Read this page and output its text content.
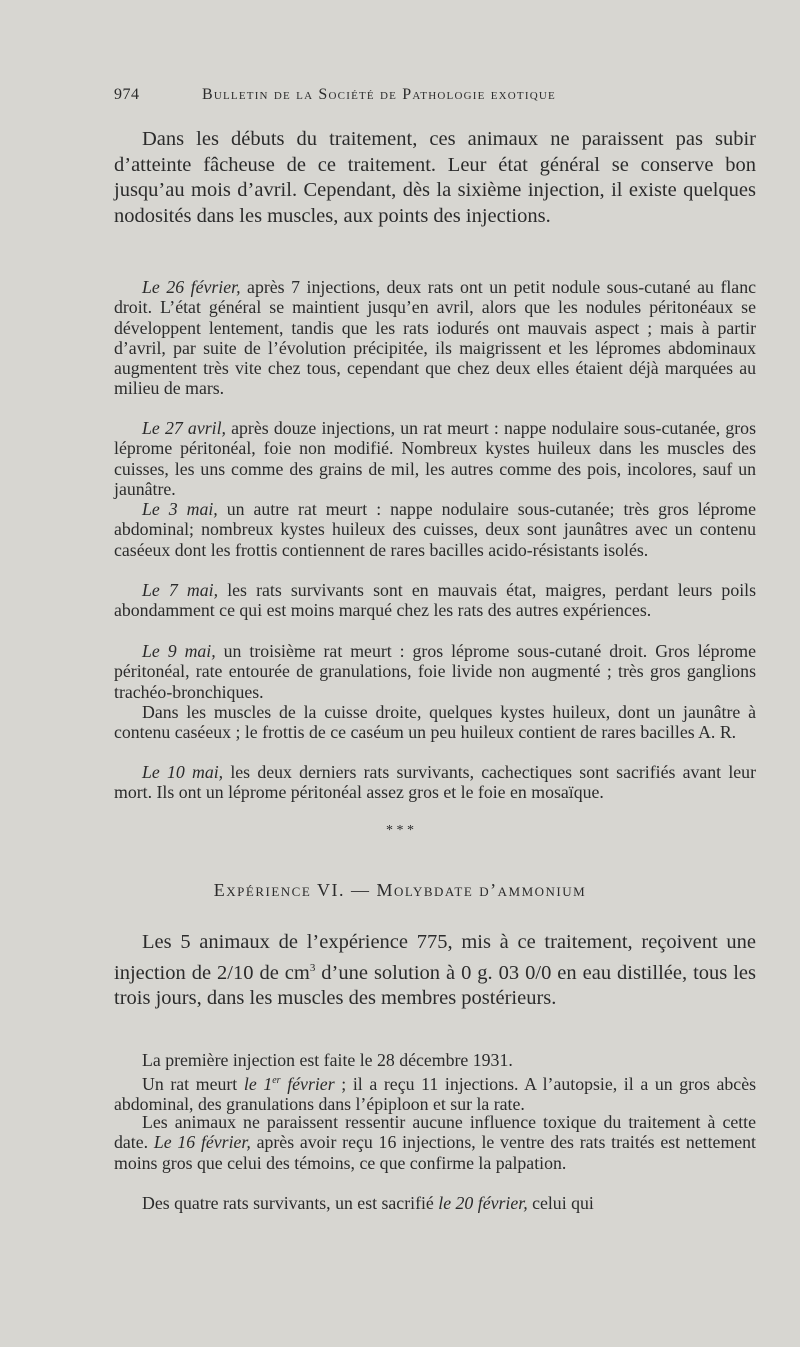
974	Bulletin de la Société de Pathologie exotique

Dans les débuts du traitement, ces animaux ne paraissent pas subir d’atteinte fâcheuse de ce traitement. Leur état général se conserve bon jusqu’au mois d’avril. Cependant, dès la sixième injection, il existe quelques nodosités dans les muscles, aux points des injections.

Le 26 février, après 7 injections, deux rats ont un petit nodule sous-cutané au flanc droit. L’état général se maintient jusqu’en avril, alors que les nodules péritonéaux se développent lentement, tandis que les rats iodurés ont mauvais aspect ; mais à partir d’avril, par suite de l’évolution précipitée, ils maigrissent et les lépromes abdominaux augmentent très vite chez tous, cependant que chez deux elles étaient déjà marquées au milieu de mars.

Le 27 avril, après douze injections, un rat meurt : nappe nodulaire sous-cutanée, gros léprome péritonéal, foie non modifié. Nombreux kystes huileux dans les muscles des cuisses, les uns comme des grains de mil, les autres comme des pois, incolores, sauf un jaunâtre.

Le 3 mai, un autre rat meurt : nappe nodulaire sous-cutanée; très gros léprome abdominal; nombreux kystes huileux des cuisses, deux sont jaunâtres avec un contenu caséeux dont les frottis contiennent de rares bacilles acido-résistants isolés.

Le 7 mai, les rats survivants sont en mauvais état, maigres, perdant leurs poils abondamment ce qui est moins marqué chez les rats des autres expériences.

Le 9 mai, un troisième rat meurt : gros léprome sous-cutané droit. Gros léprome péritonéal, rate entourée de granulations, foie livide non augmenté ; très gros ganglions trachéo-bronchiques.

Dans les muscles de la cuisse droite, quelques kystes huileux, dont un jaunâtre à contenu caséeux ; le frottis de ce caséum un peu huileux contient de rares bacilles A. R.

Le 10 mai, les deux derniers rats survivants, cachectiques sont sacrifiés avant leur mort. Ils ont un léprome péritonéal assez gros et le foie en mosaïque.

* * *
Expérience VI. — Molybdate d’ammonium

Les 5 animaux de l’expérience 775, mis à ce traitement, reçoivent une injection de 2/10 de $cm^3$ d’une solution à 0 g. 03 0/0 en eau distillée, tous les trois jours, dans les muscles des membres postérieurs.

La première injection est faite le 28 décembre 1931.

Un rat meurt le 1er février ; il a reçu 11 injections. A l’autopsie, il a un gros abcès abdominal, des granulations dans l’épiploon et sur la rate.

Les animaux ne paraissent ressentir aucune influence toxique du traitement à cette date. Le 16 février, après avoir reçu 16 injections, le ventre des rats traités est nettement moins gros que celui des témoins, ce que confirme la palpation.

Des quatre rats survivants, un est sacrifié le 20 février, celui qui
